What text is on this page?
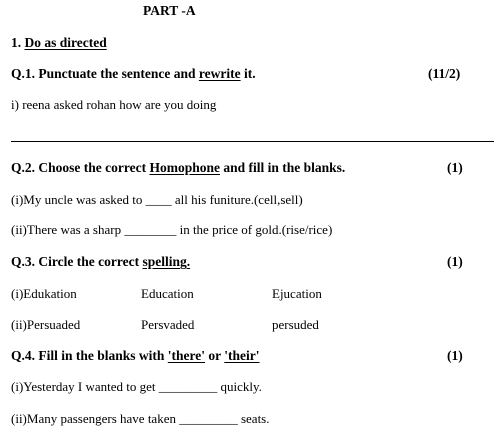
PART -A
1. Do as directed
Q.1. Punctuate the sentence and rewrite it.	(11/2)
i) reena asked rohan how are you doing
Q.2. Choose the correct Homophone and fill in the blanks.	(1)
(i)My uncle was asked to ____ all his funiture.(cell,sell)
(ii)There was a sharp ________ in the price of gold.(rise/rice)
Q.3. Circle the correct spelling.	(1)
(i)Edukation	Education	Ejucation
(ii)Persuaded	Persvaded	persuded
Q.4. Fill in the blanks with 'there' or 'their'	(1)
(i)Yesterday I wanted to get _________ quickly.
(ii)Many passengers have taken _________ seats.
